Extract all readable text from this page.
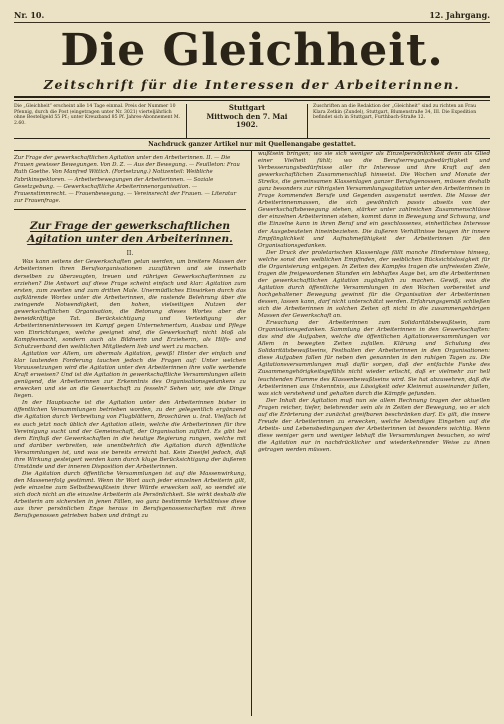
Nr. 10.	12. Jahrgang.
Die Gleichheit.
Zeitschrift für die Interessen der Arbeiterinnen.
Die „Gleichheit“ erscheint alle 14 Tage einmal. Preis der Nummer 10 Pfennig, durch die Post (eingetragen unter Nr. 3021) vierteljährlich ohne Bestellgeld 55 Pf.; unter Kreuzband 85 Pf. Jahres-Abonnement M. 2.60.
Stuttgart
Mittwoch den 7. Mai
1902.
Zuschriften an die Redaktion der „Gleichheit“ sind zu richten an Frau Klara Zetkin (Zundel), Stuttgart, Blumenstraße 34, III. Die Expedition befindet sich in Stuttgart, Furthbach-Straße 12.
Nachdruck ganzer Artikel nur mit Quellenangabe gestattet.
Zur Frage der gewerkschaftlichen Agitation unter den Arbeiterinnen. II. — Die Frauen gewisser Bewegungen. Von D. Z. — Aus der Bewegung. — Feuilleton: Frau Ruth Goethe. Von Manfred Wittich. (Fortsetzung.) Notizenteil: Weibliche Fabrikinspektoren. — Arbeiterbewegungen der Arbeiterinnen. — Soziale Gesetzgebung. — Gewerkschaftliche Arbeiterinnenorganisation. — Frauenstimmrecht. — Frauenbewegung. — Vereinsrecht der Frauen. — Literatur zur Frauenfrage.
Zur Frage der gewerkschaftlichen Agitation unter den Arbeiterinnen.
II.

Was kann seitens der Gewerkschaften getan werden, um breitere Massen der Arbeiterinnen ihren Berufsorganisationen zuzuführen und sie innerhalb derselben zu überzeugten, treuen und rührigen Gewerkschafterinnen zu erziehen? Die Antwort auf diese Frage scheint einfach und klar: Agitation zum ersten, zum zweiten und zum dritten Male. Unermüdliches Einwirken durch das aufklärende Wortes unter die Arbeiterinnen, die rastende Belehrung über die zwingende Notwendigkeit, den hohen, vielseitigen Nutzen der gewerkschaftlichen Organisation, die Betonung dieses Wortes aber die beneidkräftige Tat. Berücksichtigung und Verteidigung der Arbeiterinneninteressen im Kampf gegen Unternehmertum, Ausbau und Pflege von Einrichtungen, welche geeignet sind, die Gewerkschaft nicht bloß als Kampfesmacht, sondern auch als Bildnerin und Erzieherin, als Hilfs- und Schutzverband den weiblichen Mitgliedern lieb und wert zu machen.

Agitation vor Allem, um abermals Agitation, gewiß! Hinter der einfach und klar lautenden Forderung tauchen jedoch die Fragen auf: Unter welchen Voraussetzungen wird die Agitation unter den Arbeiterinnen ihre volle werbende Kraft erweisen? Und ist die Agitation in gewerkschaftliche Versammlungen allein genügend, die Arbeiterinnen zur Erkenntnis des Organisationsgedankens zu erwecken und sie an die Gewerkschaft zu fesseln? Sehen wir, wie die Dinge liegen.

In der Hauptsache ist die Agitation unter den Arbeiterinnen bisher in öffentlichen Versammlungen betrieben worden, zu der gelegentlich ergänzend die Agitation durch Verbreitung von Flugblättern, Broschüren u. trat. Vielfach ist es auch jetzt noch üblich der Agitation allein, welche die Arbeiterinnen für ihre Vereinigung sucht und der Gemeinschaft, der Organisation zuführt. Es gibt bei dem Einfluß der Gewerkschaften in die heutige Regierung rungen, welche mit und darüber verbreiten, wie unentbehrlich die Agitation durch öffentliche Versammlungen ist, und was sie bereits erreicht hat. Kein Zweifel jedoch, daß ihre Wirkung gesteigert werden kann durch kluge Berücksichtigung der äußeren Umstände und der inneren Disposition der Arbeiterinnen.

Die Agitation durch öffentliche Versammlungen ist auf die Massenwirkung, den Massenerfolg gestimmt. Wenn ihr Wort auch jeder einzelnen Arbeiterin gilt, jede einzelne zum Selbstbewußtsein ihrer Würde erwecken soll, so wendet sie sich doch nicht an die einzelne Arbeiterin als Persönlichkeit. Sie wirkt deshalb die Arbeiterin am sichersten in jenen Fällen, wo ganz bestimmte Verhältnisse diese aus ihrer persönlichen Enge heraus in Berufsgenossenschaften mit ihren Berufsgenossen getrieben haben und drängt zu

wußtsein bringen; wo sie sich weniger als Einzelpersönlichkeit denn als Glied einer Vielheit fühlt; wo die Berufserregungsbedürftigkeit und Verbesserungsbedürfnisse aller ihr Interesse und ihre Kraft auf den gewerkschaftlichen Zusammenschluß hinweist. Die Wochen und Monate der Streiks, die gemeinsamen Klassenlagen ganzer Berufsgenossen, müssen deshalb ganz besonders zur rührigsten Versammlungsagitation unter den Arbeiterinnen in Frage kommenden Berufe und Gegenden ausgenutzt werden. Die Masse der Arbeiterinnenmassen, die sich gewöhnlich passiv abseits von der Gewerkschaftsbewegung stehen, stärker unter zahlreichen Zusammenschlüsse der einzelnen Arbeiterinnen stehen, kommt dann in Bewegung und Schwung, und die Einzelne kann in ihren Beruf und ein geschlossenes, einheitliches Interesse der Ausgebeuteten hineinbeziehen. Die äußeren Verhältnisse beugen ihr innere Empfänglichkeit und Aufnahmefähigkeit der Arbeiterinnen für den Organisationsgedanken.

Der Druck der proletarischen Klassenlage fällt manche Hindernisse hinweg, welche sonst den weiblichen Empfinden, der weiblichen Rücksichtslosigkeit für die Organisierung entgegen. In Zeiten des Kampfes tragen die unfreiesten Ziele, tragen die freigewordenen Stunden ein lebhaftes Auge bei, um die Arbeiterinnen der gewerkschaftlichen Agitation zugänglich zu machen. Gewiß, was die Agitation durch öffentliche Versammlungen in den Wochen vorbereitet und hochgehaltener Bewegung gewinnt für die Organisation der Arbeiterinnen dessen, lassen kann, darf nicht unterschätzt werden. Erfahrungsgemäß schließen sich die Arbeiterinnen in solchen Zeiten oft nicht in die zusammengehörigen Massen der Gewerkschaft an.

Erwachung der Arbeiterinnen zum Solidaritätsbewußtsein, zum Organisationsgedanken. Sammlung der Arbeiterinnen in den Gewerkschaften: das sind die Aufgaben, welche die öffentlichen Agitationsversammlungen vor Allem in bewegten Zeiten zufallen. Klärung und Schulung des Solidaritätsbewußtseins, Festhalten der Arbeiterinnen in den Organisationen: diese Aufgaben fallen für neben den genannten in den ruhigen Tagen zu. Die Agitationsversammlungen muß dafür sorgen, daß der entfachte Funke des Zusammengehörigkeitsgefühls nicht wieder erlischt, daß er vielmehr zur hell leuchtenden Flamme des Klassenbewußtseins wird. Sie hat abzuwehren, daß die Arbeiterinnen aus Unkenntnis, aus Lässigkeit oder Kleinmut auseinander fallen, was sich verstehend und gehalten durch die Kämpfe gefunden.

Der Inhalt der Agitation muß nun sie allem Rechnung tragen der aktuellen Fragen reicher, tiefer, belehrender sein als in Zeiten der Bewegung, wo er sich auf die Erörterung der zunächst greifbaren beschränken darf. Es gilt, die innere Freude der Arbeiterinnen zu erwecken, welche lebendiges Eingehen auf die Arbeits- und Lebensbedingungen der Arbeiterinnen ist besonders wichtig. Wenn diese weniger gern und weniger lebhaft die Versammlungen besuchen, so wird die Agitation nur in nachdrücklicher und wiederkehrender Weise zu ihnen getragen werden müssen.
